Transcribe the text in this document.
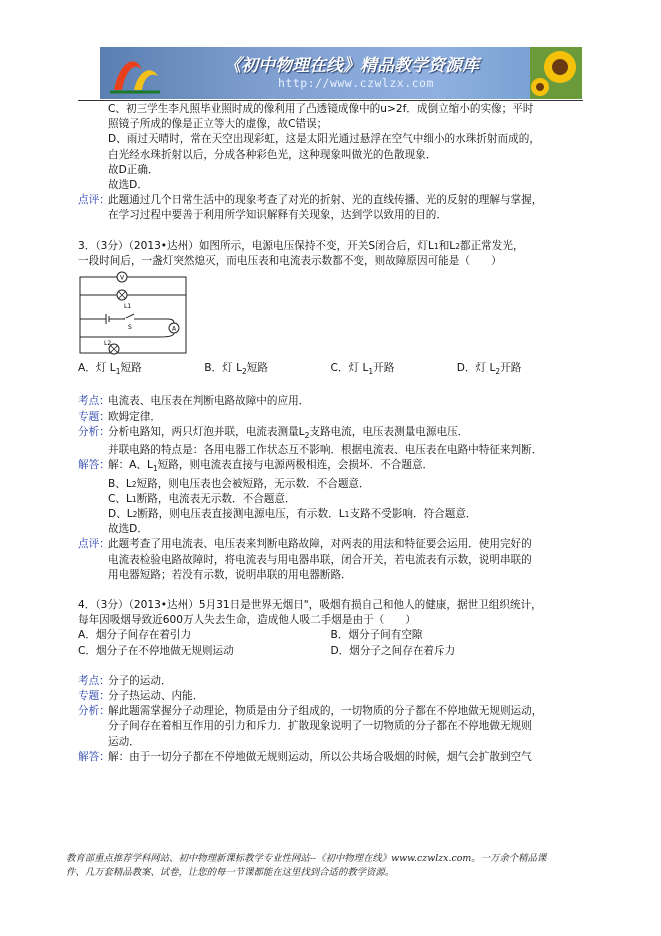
《初中物理在线》精品教学资源库
http://www.czwlzx.com
C、初三学生李凡照毕业照时成的像利用了凸透镜成像中的u>2f．成倒立缩小的实像；平时
照镜子所成的像是正立等大的虚像，故C错误；
D、雨过天晴时，常在天空出现彩虹，这是太阳光通过悬浮在空气中细小的水珠折射而成的，
白光经水珠折射以后，分成各种彩色光，这种现象叫做光的色散现象．
故D正确．
故选D．
点评：
此题通过几个日常生活中的现象考查了对光的折射、光的直线传播、光的反射的理解与掌握，
在学习过程中要善于利用所学知识解释有关现象，达到学以致用的目的．
3．（3分）（2013•达州）如图所示，电源电压保持不变，开关S闭合后，灯L 1 和L 2 都正常发光，
一段时间后，一盏灯突然熄灭，而电压表和电流表示数都不变，则故障原因可能是（　　）
V
L1
S	A
L2
A．灯 $L_1$短路	B．灯 $L_2$短路	C．灯 $L_1$开路	D．灯 $L_2$开路
考点：
电流表、电压表在判断电路故障中的应用．
专题：
欧姆定律．
分析：
分析电路知，两只灯泡并联，电流表测量$L_2$支路电流，电压表测量电源电压．
并联电路的特点是：各用电器工作状态互不影响．根据电流表、电压表在电路中特征来判断．
解答：
解：A、$L_1$短路，则电流表直接与电源两极相连，会损坏．不合题意．
B、L 2 短路，则电压表也会被短路，无示数．不合题意．
C、L 1 断路，电流表无示数．不合题意．
D、L 2 断路，则电压表直接测电源电压，有示数．L 1 支路不受影响．符合题意．
故选D．
点评：
此题考查了用电流表、电压表来判断电路故障，对两表的用法和特征要会运用．使用完好的
电流表检验电路故障时，将电流表与用电器串联，闭合开关，若电流表有示数，说明串联的
用电器短路；若没有示数，说明串联的用电器断路．
4．（3分）（2013•达州）5月31日是世界无烟日"，吸烟有损自己和他人的健康，据世卫组织统计，
每年因吸烟导致近600万人失去生命，造成他人吸二手烟是由于（　　）
A．烟分子间存在着引力	B．烟分子间有空隙
C．烟分子在不停地做无规则运动	D．烟分子之间存在着斥力
考点：
分子的运动．
专题：
分子热运动、内能．
分析：
解此题需掌握分子动理论，物质是由分子组成的，一切物质的分子都在不停地做无规则运动，
分子间存在着相互作用的引力和斥力．扩散现象说明了一切物质的分子都在不停地做无规则
运动．
解答：
解：由于一切分子都在不停地做无规则运动，所以公共场合吸烟的时候，烟气会扩散到空气
教育部重点推荐学科网站、初中物理新课标教学专业性网站--《初中物理在线》www.czwlzx.com。一万余个精品课
件、几万套精品教案、试卷，让您的每一节课都能在这里找到合适的教学资源。
